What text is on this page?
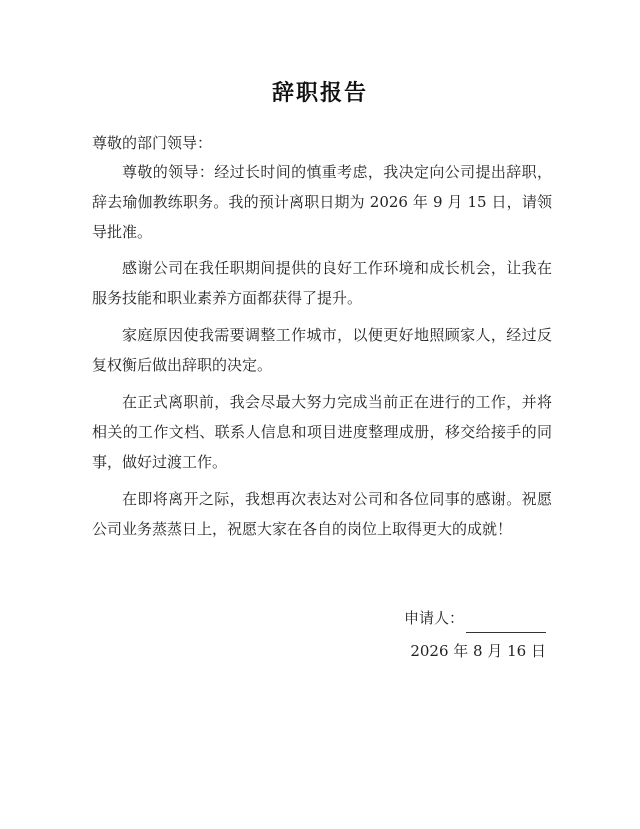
辞职报告
尊敬的部门领导：
尊敬的领导：经过长时间的慎重考虑，我决定向公司提出辞职，辞去瑜伽教练职务。我的预计离职日期为 2026 年 9 月 15 日，请领导批准。
感谢公司在我任职期间提供的良好工作环境和成长机会，让我在服务技能和职业素养方面都获得了提升。
家庭原因使我需要调整工作城市，以便更好地照顾家人，经过反复权衡后做出辞职的决定。
在正式离职前，我会尽最大努力完成当前正在进行的工作，并将相关的工作文档、联系人信息和项目进度整理成册，移交给接手的同事，做好过渡工作。
在即将离开之际，我想再次表达对公司和各位同事的感谢。祝愿公司业务蒸蒸日上，祝愿大家在各自的岗位上取得更大的成就！
申请人：
2026 年 8 月 16 日
